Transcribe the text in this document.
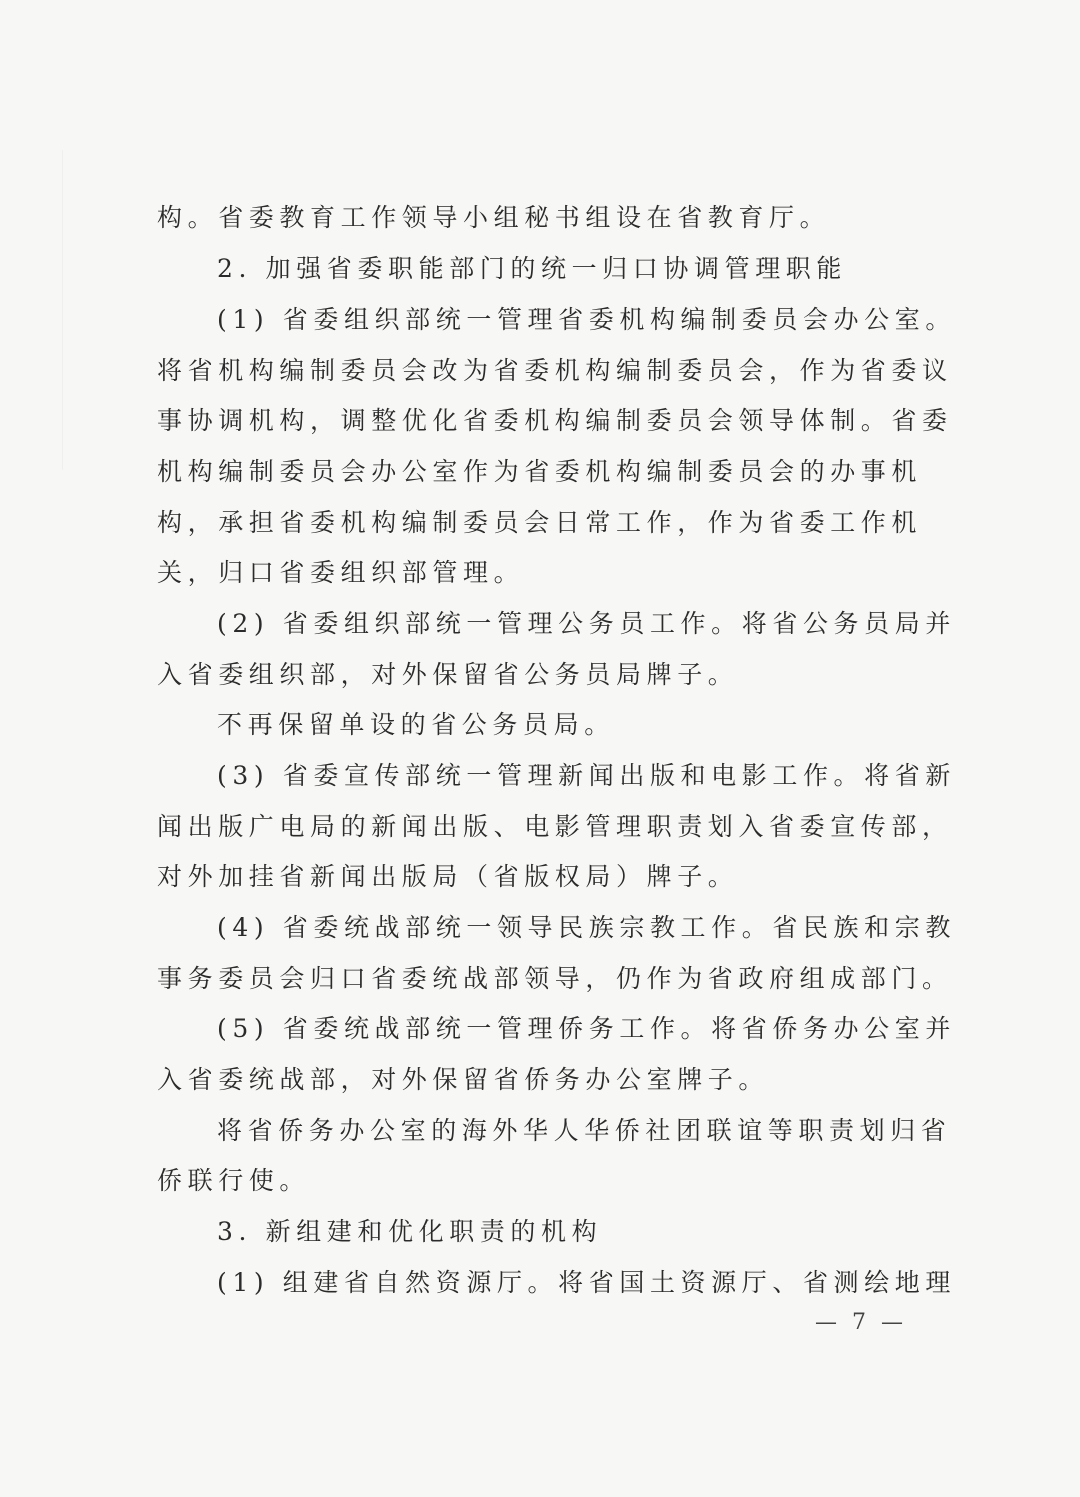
构。省委教育工作领导小组秘书组设在省教育厅。
2. 加强省委职能部门的统一归口协调管理职能
(1) 省委组织部统一管理省委机构编制委员会办公室。
将省机构编制委员会改为省委机构编制委员会，作为省委议
事协调机构，调整优化省委机构编制委员会领导体制。省委
机构编制委员会办公室作为省委机构编制委员会的办事机
构，承担省委机构编制委员会日常工作，作为省委工作机
关，归口省委组织部管理。
(2) 省委组织部统一管理公务员工作。将省公务员局并
入省委组织部，对外保留省公务员局牌子。
不再保留单设的省公务员局。
(3) 省委宣传部统一管理新闻出版和电影工作。将省新
闻出版广电局的新闻出版、电影管理职责划入省委宣传部，
对外加挂省新闻出版局（省版权局）牌子。
(4) 省委统战部统一领导民族宗教工作。省民族和宗教
事务委员会归口省委统战部领导，仍作为省政府组成部门。
(5) 省委统战部统一管理侨务工作。将省侨务办公室并
入省委统战部，对外保留省侨务办公室牌子。
将省侨务办公室的海外华人华侨社团联谊等职责划归省
侨联行使。
3. 新组建和优化职责的机构
(1) 组建省自然资源厅。将省国土资源厅、省测绘地理
— 7 —
